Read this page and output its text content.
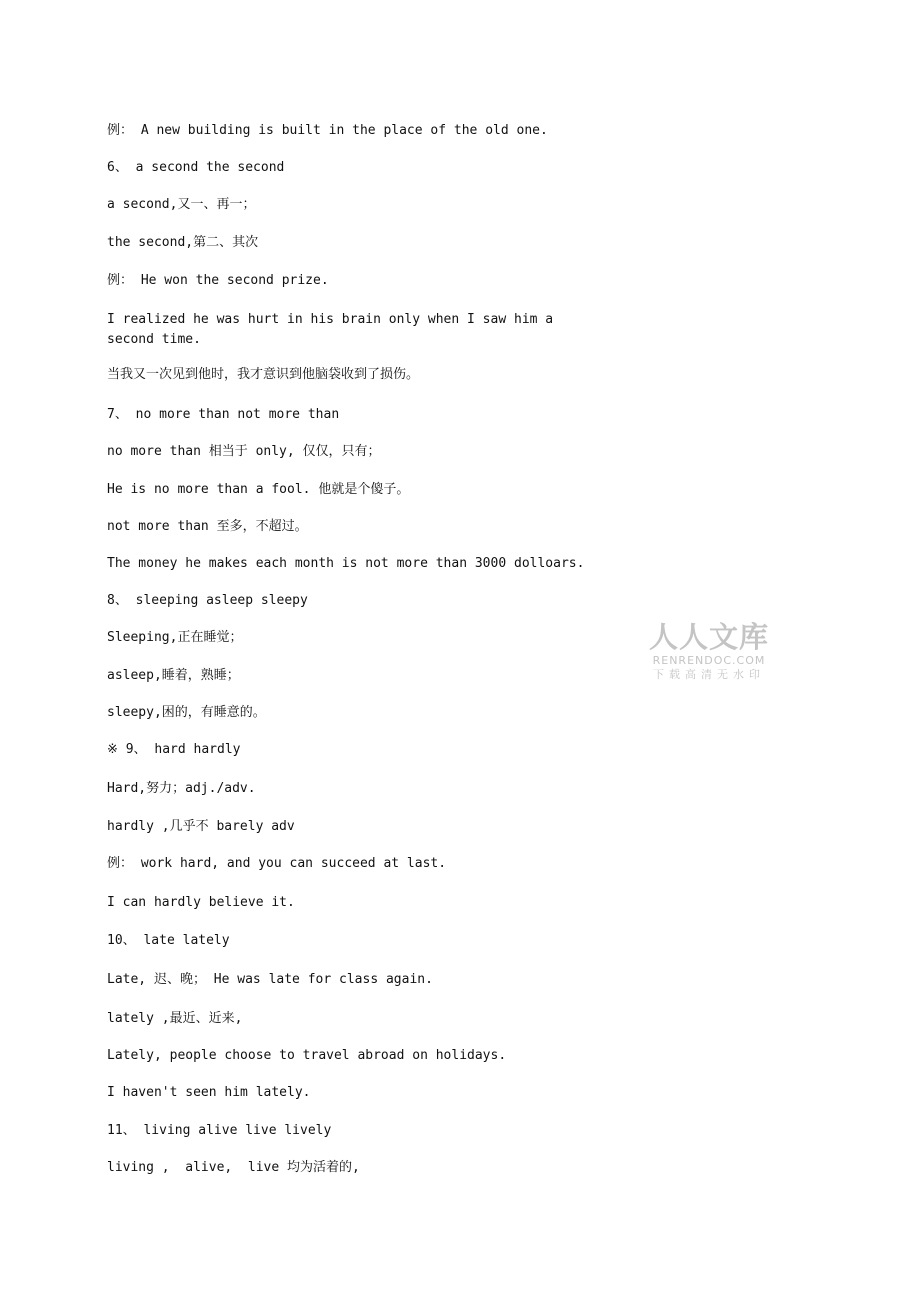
例： A new building is built in the place of the old one.
6、 a second the second
a second,又一、再一；
the second,第二、其次
例： He won the second prize.
I realized he was hurt in his brain only when I saw him a second time.
当我又一次见到他时，我才意识到他脑袋收到了损伤。
7、 no more than not more than
no more than 相当于 only, 仅仅，只有；
He is no more than a fool. 他就是个傻子。
not more than 至多，不超过。
The money he makes each month is not more than 3000 dolloars.
8、 sleeping asleep sleepy
Sleeping,正在睡觉；
asleep,睡着，熟睡；
sleepy,困的，有睡意的。
※ 9、 hard hardly
Hard,努力；adj./adv.
hardly ,几乎不 barely adv
例： work hard, and you can succeed at last.
I can hardly believe it.
10、 late lately
Late, 迟、晚； He was late for class again.
lately ,最近、近来,
Lately, people choose to travel abroad on holidays.
I haven't seen him lately.
11、 living alive live lively
living ,  alive,  live 均为活着的,
人人文库
RENRENDOC.COM
下载高清无水印
